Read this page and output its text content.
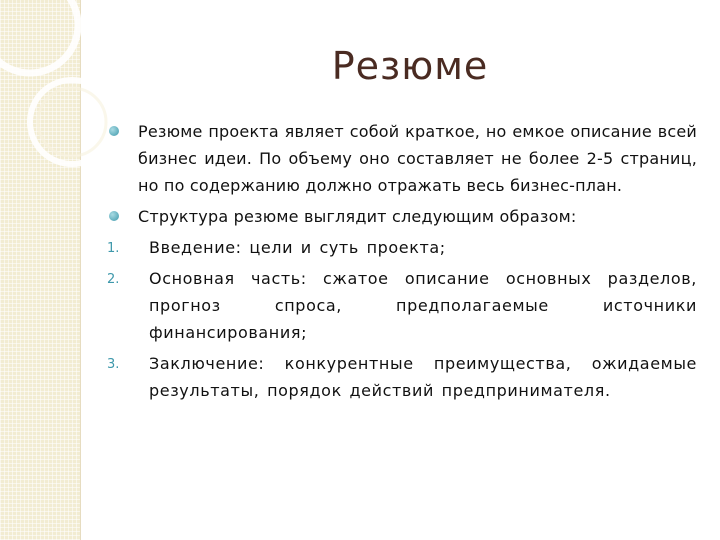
Резюме
Резюме проекта являет собой краткое, но емкое описание всей бизнес идеи. По объему оно составляет не более 2-5 страниц, но по содержанию должно отражать весь бизнес-план.
Структура резюме выглядит следующим образом:
1.	Введение: цели и суть проекта;
2.	Основная часть: сжатое описание основных разделов, прогноз спроса, предполагаемые источники финансирования;
3.	Заключение: конкурентные преимущества, ожидаемые результаты, порядок действий предпринимателя.
